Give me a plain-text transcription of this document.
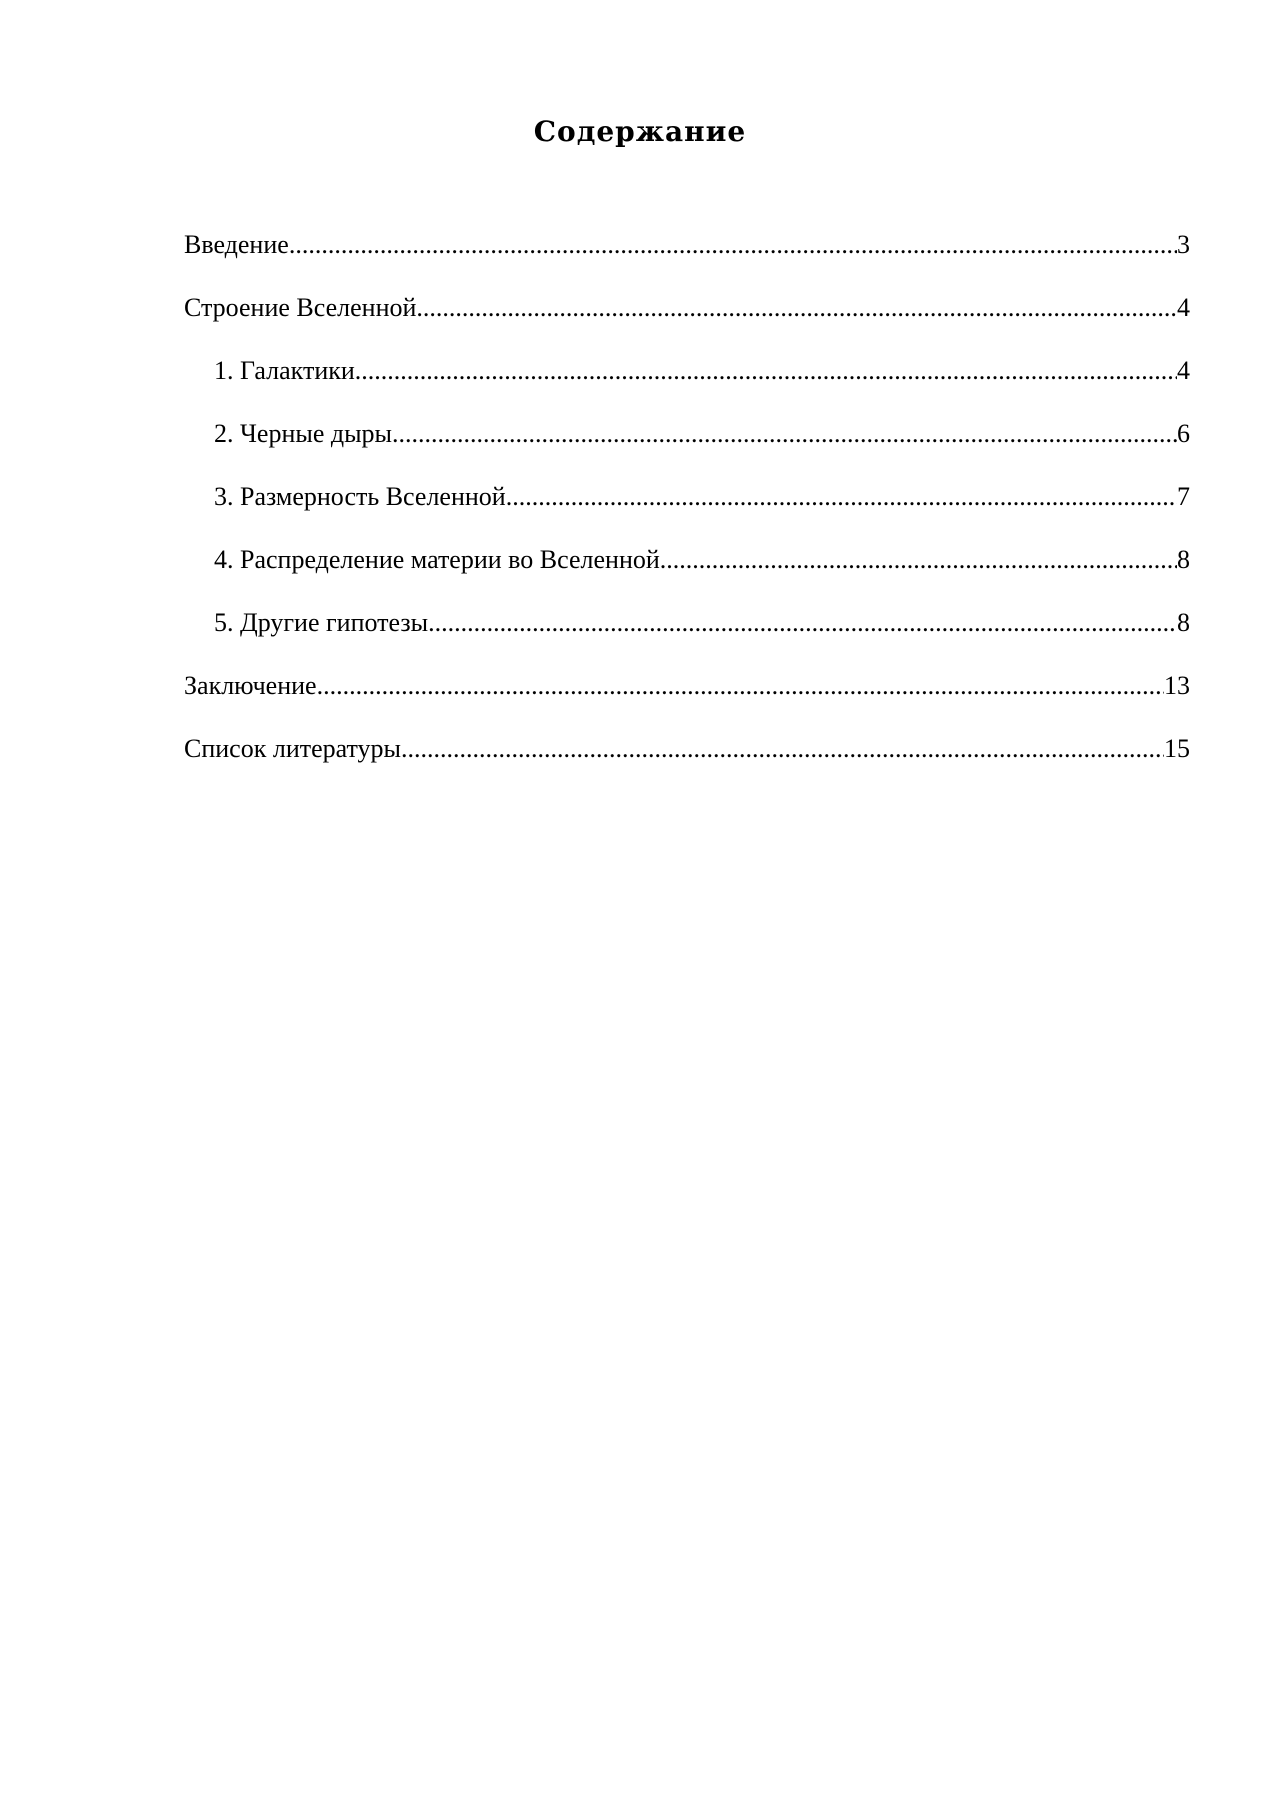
Содержание
Введение .....	3
Строение Вселенной .....	4
1. Галактики .....	4
2. Черные дыры .....	6
3. Размерность Вселенной .....	7
4. Распределение материи во Вселенной .....	8
5. Другие гипотезы .....	8
Заключение .....	13
Список литературы .....	15
